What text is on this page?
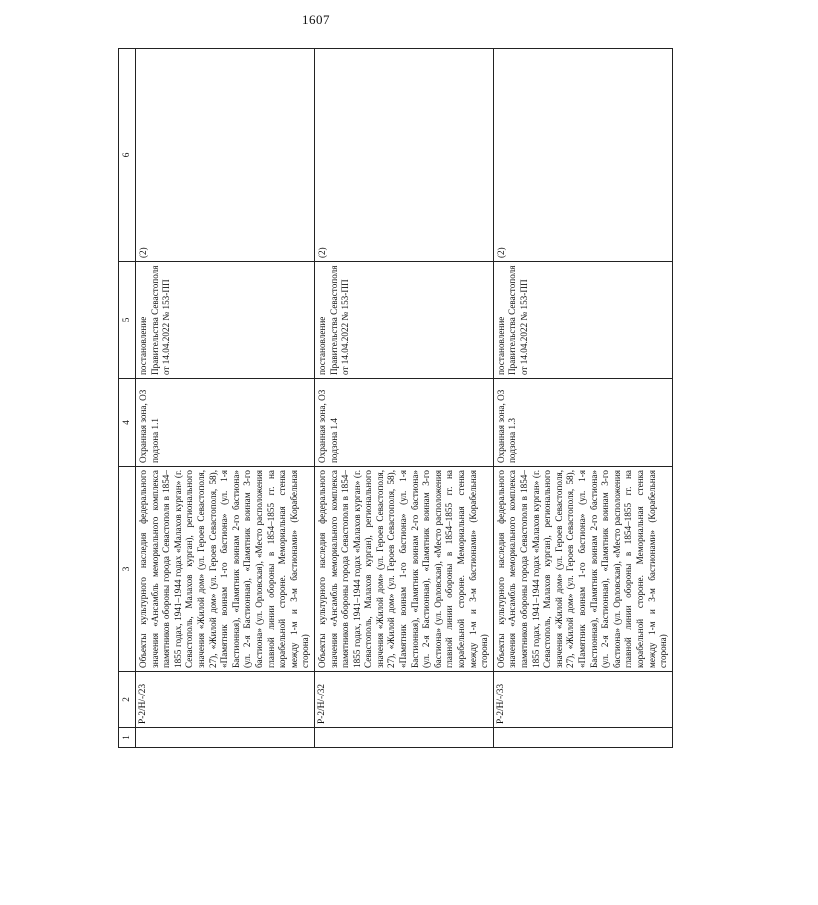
1607
1	2	3	4	5	6
	Р-2/Н/-/23	Объекты культурного наследия федерального значения «Ансамбль мемориального комплекса памятников обороны города Севастополя в 1854–1855 годах, 1941–1944 годах «Малахов курган» (г. Севастополь, Малахов курган), регионального значения «Жилой дом» (ул. Героев Севастополя, 27), «Жилой дом» (ул. Героев Севастополя, 58), «Памятник воинам 1-го бастиона» (ул. 1-я Бастионная), «Памятник воинам 2-го бастиона» (ул. 2-я Бастионная), «Памятник воинам 3-го бастиона» (ул. Орловская), «Место расположения главной линии обороны в 1854–1855 гг. на корабельной стороне. Мемориальная стенка между 1-м и 3-м бастионами» (Корабельная сторона)	Охранная зона, ОЗ подзона 1.1	постановление Правительства Севастополя от 14.04.2022 № 153-ПП	(2)
	Р-2/Н/-/32	Объекты культурного наследия федерального значения «Ансамбль мемориального комплекса памятников обороны города Севастополя в 1854–1855 годах, 1941–1944 годах «Малахов курган» (г. Севастополь, Малахов курган), регионального значения «Жилой дом» (ул. Героев Севастополя, 27), «Жилой дом» (ул. Героев Севастополя, 58), «Памятник воинам 1-го бастиона» (ул. 1-я Бастионная), «Памятник воинам 2-го бастиона» (ул. 2-я Бастионная), «Памятник воинам 3-го бастиона» (ул. Орловская), «Место расположения главной линии обороны в 1854–1855 гг. на корабельной стороне. Мемориальная стенка между 1-м и 3-м бастионами» (Корабельная сторона)	Охранная зона, ОЗ подзона 1.4	постановление Правительства Севастополя от 14.04.2022 № 153-ПП	(2)
	Р-2/Н/-/33	Объекты культурного наследия федерального значения «Ансамбль мемориального комплекса памятников обороны города Севастополя в 1854–1855 годах, 1941–1944 годах «Малахов курган» (г. Севастополь, Малахов курган), регионального значения «Жилой дом» (ул. Героев Севастополя, 27), «Жилой дом» (ул. Героев Севастополя, 58), «Памятник воинам 1-го бастиона» (ул. 1-я Бастионная), «Памятник воинам 2-го бастиона» (ул. 2-я Бастионная), «Памятник воинам 3-го бастиона» (ул. Орловская), «Место расположения главной линии обороны в 1854–1855 гг. на корабельной стороне. Мемориальная стенка между 1-м и 3-м бастионами» (Корабельная сторона)	Охранная зона, ОЗ подзона 1.3	постановление Правительства Севастополя от 14.04.2022 № 153-ПП	(2)
